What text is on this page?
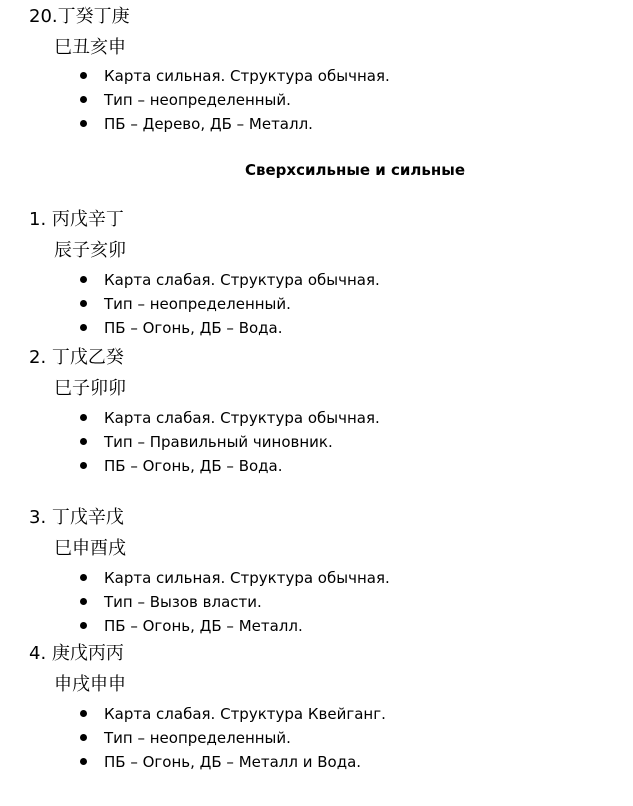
20.丁癸丁庚
巳丑亥申
Карта сильная. Структура обычная.
Тип – неопределенный.
ПБ – Дерево, ДБ – Металл.
Сверхсильные и сильные
1. 丙戊辛丁
辰子亥卯
Карта слабая. Структура обычная.
Тип – неопределенный.
ПБ – Огонь, ДБ – Вода.
2. 丁戊乙癸
巳子卯卯
Карта слабая. Структура обычная.
Тип – Правильный чиновник.
ПБ – Огонь, ДБ – Вода.
3. 丁戊辛戊
巳申酉戌
Карта сильная. Структура обычная.
Тип – Вызов власти.
ПБ – Огонь, ДБ – Металл.
4. 庚戊丙丙
申戌申申
Карта слабая. Структура Квейганг.
Тип – неопределенный.
ПБ – Огонь, ДБ – Металл и Вода.
